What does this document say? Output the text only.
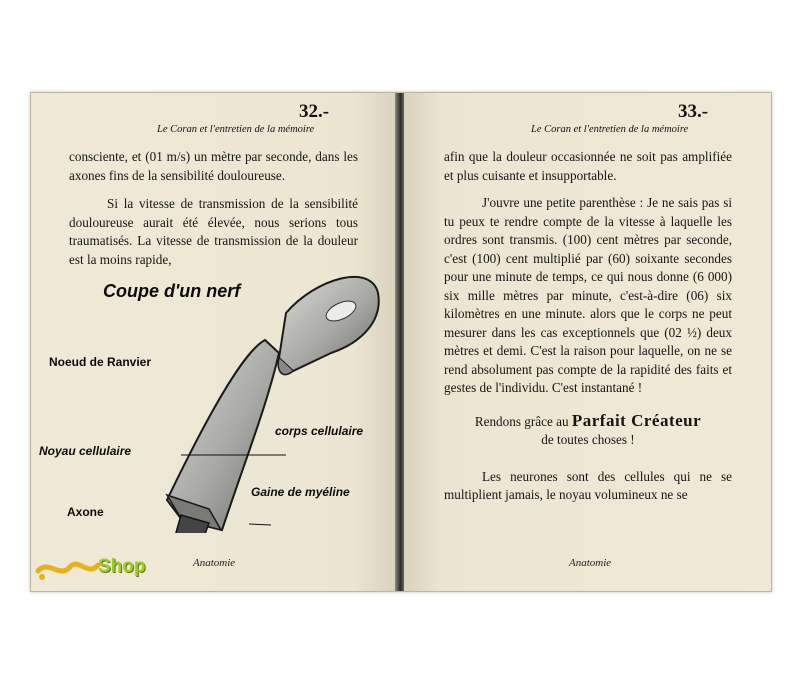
32.-
Le Coran et l'entretien de la mémoire

consciente, et (01 m/s) un mètre par seconde, dans les axones fins de la sensibilité douloureuse.

Si la vitesse de transmission de la sensibilité douloureuse aurait été élevée, nous serions tous traumatisés. La vitesse de transmission de la douleur est la moins rapide,

Coupe d'un nerf
Noeud de Ranvier
corps cellulaire
Noyau cellulaire
Gaine de myéline
Axone
Anatomie
33.-
Le Coran et l'entretien de la mémoire

afin que la douleur occasionnée ne soit pas amplifiée et plus cuisante et insupportable.

J'ouvre une petite parenthèse : Je ne sais pas si tu peux te rendre compte de la vitesse à laquelle les ordres sont transmis. (100) cent mètres par seconde, c'est (100) cent multiplié par (60) soixante secondes pour une minute de temps, ce qui nous donne (6 000) six mille mètres par minute, c'est-à-dire (06) six kilomètres en une minute. alors que le corps ne peut mesurer dans les cas exceptionnels que (02 ½) deux mètres et demi. C'est la raison pour laquelle, on ne se rend absolument pas compte de la rapidité des faits et gestes de l'individu. C'est instantané !

Rendons grâce au Parfait Créateur

de toutes choses !

Les neurones sont des cellules qui ne se multiplient jamais, le noyau volumineux ne se

Anatomie
Shop
